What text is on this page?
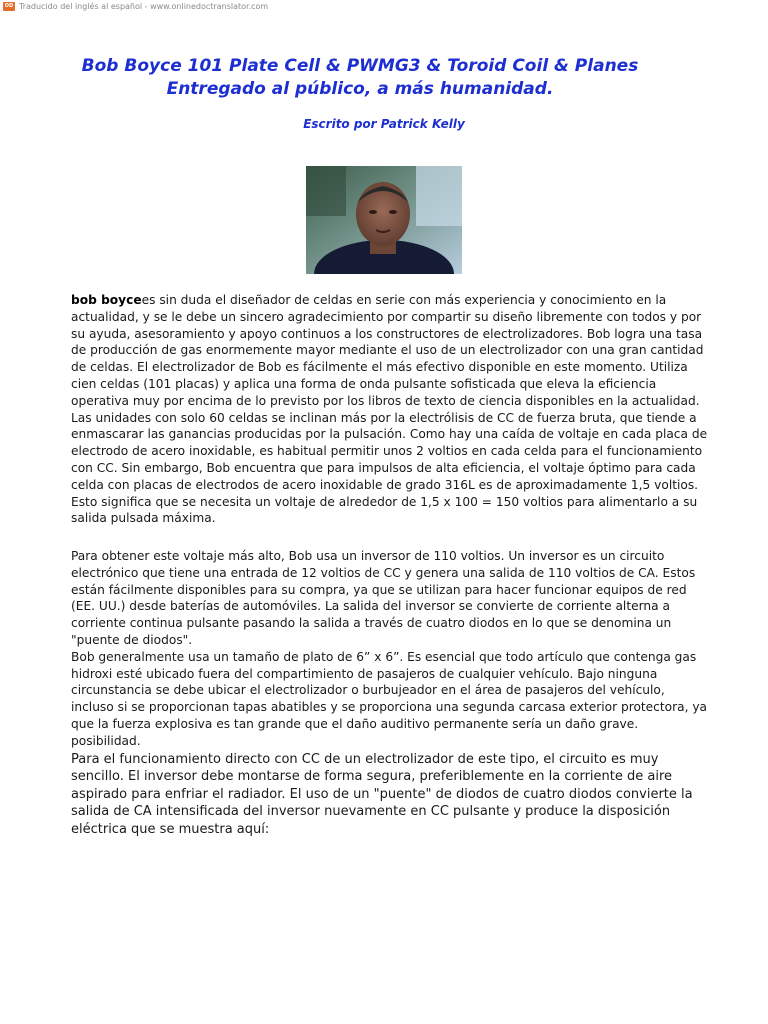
OD Traducido del inglés al español - www.onlinedoctranslator.com
Bob Boyce 101 Plate Cell & PWMG3 & Toroid Coil & Planes
Entregado al público, a más humanidad.
Escrito por Patrick Kelly

bob boycees sin duda el diseñador de celdas en serie con más experiencia y conocimiento en la actualidad, y se le debe un sincero agradecimiento por compartir su diseño libremente con todos y por su ayuda, asesoramiento y apoyo continuos a los constructores de electrolizadores. Bob logra una tasa de producción de gas enormemente mayor mediante el uso de un electrolizador con una gran cantidad de celdas. El electrolizador de Bob es fácilmente el más efectivo disponible en este momento. Utiliza cien celdas (101 placas) y aplica una forma de onda pulsante sofisticada que eleva la eficiencia operativa muy por encima de lo previsto por los libros de texto de ciencia disponibles en la actualidad. Las unidades con solo 60 celdas se inclinan más por la electrólisis de CC de fuerza bruta, que tiende a enmascarar las ganancias producidas por la pulsación. Como hay una caída de voltaje en cada placa de electrodo de acero inoxidable, es habitual permitir unos 2 voltios en cada celda para el funcionamiento con CC. Sin embargo, Bob encuentra que para impulsos de alta eficiencia, el voltaje óptimo para cada celda con placas de electrodos de acero inoxidable de grado 316L es de aproximadamente 1,5 voltios. Esto significa que se necesita un voltaje de alrededor de 1,5 x 100 = 150 voltios para alimentarlo a su salida pulsada máxima.

Para obtener este voltaje más alto, Bob usa un inversor de 110 voltios. Un inversor es un circuito electrónico que tiene una entrada de 12 voltios de CC y genera una salida de 110 voltios de CA. Estos están fácilmente disponibles para su compra, ya que se utilizan para hacer funcionar equipos de red (EE. UU.) desde baterías de automóviles. La salida del inversor se convierte de corriente alterna a corriente continua pulsante pasando la salida a través de cuatro diodos en lo que se denomina un "puente de diodos".

Bob generalmente usa un tamaño de plato de 6” x 6”. Es esencial que todo artículo que contenga gas hidroxi esté ubicado fuera del compartimiento de pasajeros de cualquier vehículo. Bajo ninguna circunstancia se debe ubicar el electrolizador o burbujeador en el área de pasajeros del vehículo, incluso si se proporcionan tapas abatibles y se proporciona una segunda carcasa exterior protectora, ya que la fuerza explosiva es tan grande que el daño auditivo permanente sería un daño grave. posibilidad.

Para el funcionamiento directo con CC de un electrolizador de este tipo, el circuito es muy sencillo. El inversor debe montarse de forma segura, preferiblemente en la corriente de aire aspirado para enfriar el radiador. El uso de un "puente" de diodos de cuatro diodos convierte la salida de CA intensificada del inversor nuevamente en CC pulsante y produce la disposición eléctrica que se muestra aquí:
